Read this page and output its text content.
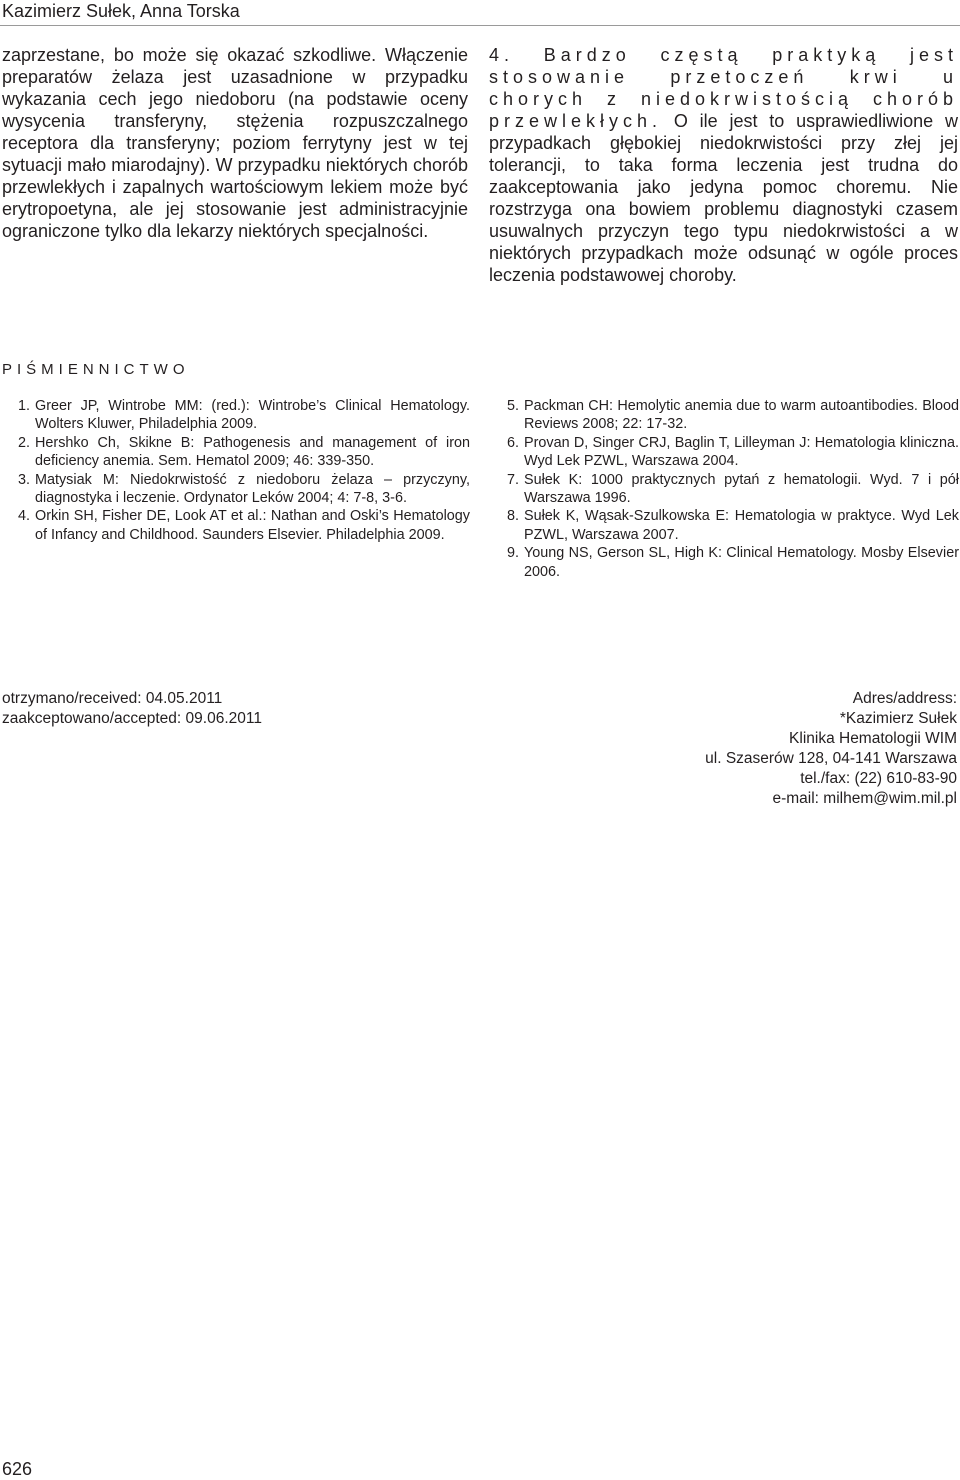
Kazimierz Sułek, Anna Torska

zaprzestane, bo może się okazać szkodliwe. Włączenie preparatów żelaza jest uzasadnione w przypadku wykazania cech jego niedoboru (na podstawie oceny wysycenia transferyny, stężenia rozpuszczalnego receptora dla transferyny; poziom ferrytyny jest w tej sytuacji mało miarodajny). W przypadku niektórych chorób przewlekłych i zapalnych wartościowym lekiem może być erytropoetyna, ale jej stosowanie jest administracyjnie ograniczone tylko dla lekarzy niektórych specjalności.

4. Bardzo częstą praktyką jest stosowanie przetoczeń krwi u chorych z niedokrwistością chorób przewlekłych. O ile jest to usprawiedliwione w przypadkach głębokiej niedokrwistości przy złej jej tolerancji, to taka forma leczenia jest trudna do zaakceptowania jako jedyna pomoc choremu. Nie rozstrzyga ona bowiem problemu diagnostyki czasem usuwalnych przyczyn tego typu niedokrwistości a w niektórych przypadkach może odsunąć w ogóle proces leczenia podstawowej choroby.

PIŚMIENNICTWO
1. Greer JP, Wintrobe MM: (red.): Wintrobe’s Clinical Hematology. Wolters Kluwer, Philadelphia 2009.
2. Hershko Ch, Skikne B: Pathogenesis and management of iron deficiency anemia. Sem. Hematol 2009; 46: 339-350.
3. Matysiak M: Niedokrwistość z niedoboru żelaza – przyczyny, diagnostyka i leczenie. Ordynator Leków 2004; 4: 7-8, 3-6.
4. Orkin SH, Fisher DE, Look AT et al.: Nathan and Oski’s Hematology of Infancy and Childhood. Saunders Elsevier. Philadelphia 2009.
5. Packman CH: Hemolytic anemia due to warm autoantibodies. Blood Reviews 2008; 22: 17-32.
6. Provan D, Singer CRJ, Baglin T, Lilleyman J: Hematologia kliniczna. Wyd Lek PZWL, Warszawa 2004.
7. Sułek K: 1000 praktycznych pytań z hematologii. Wyd. 7 i pół Warszawa 1996.
8. Sułek K, Wąsak-Szulkowska E: Hematologia w praktyce. Wyd Lek PZWL, Warszawa 2007.
9. Young NS, Gerson SL, High K: Clinical Hematology. Mosby Elsevier 2006.
otrzymano/received: 04.05.2011
zaakceptowano/accepted: 09.06.2011
Adres/address:
*Kazimierz Sułek
Klinika Hematologii WIM
ul. Szaserów 128, 04-141 Warszawa
tel./fax: (22) 610-83-90
e-mail: milhem@wim.mil.pl
626
